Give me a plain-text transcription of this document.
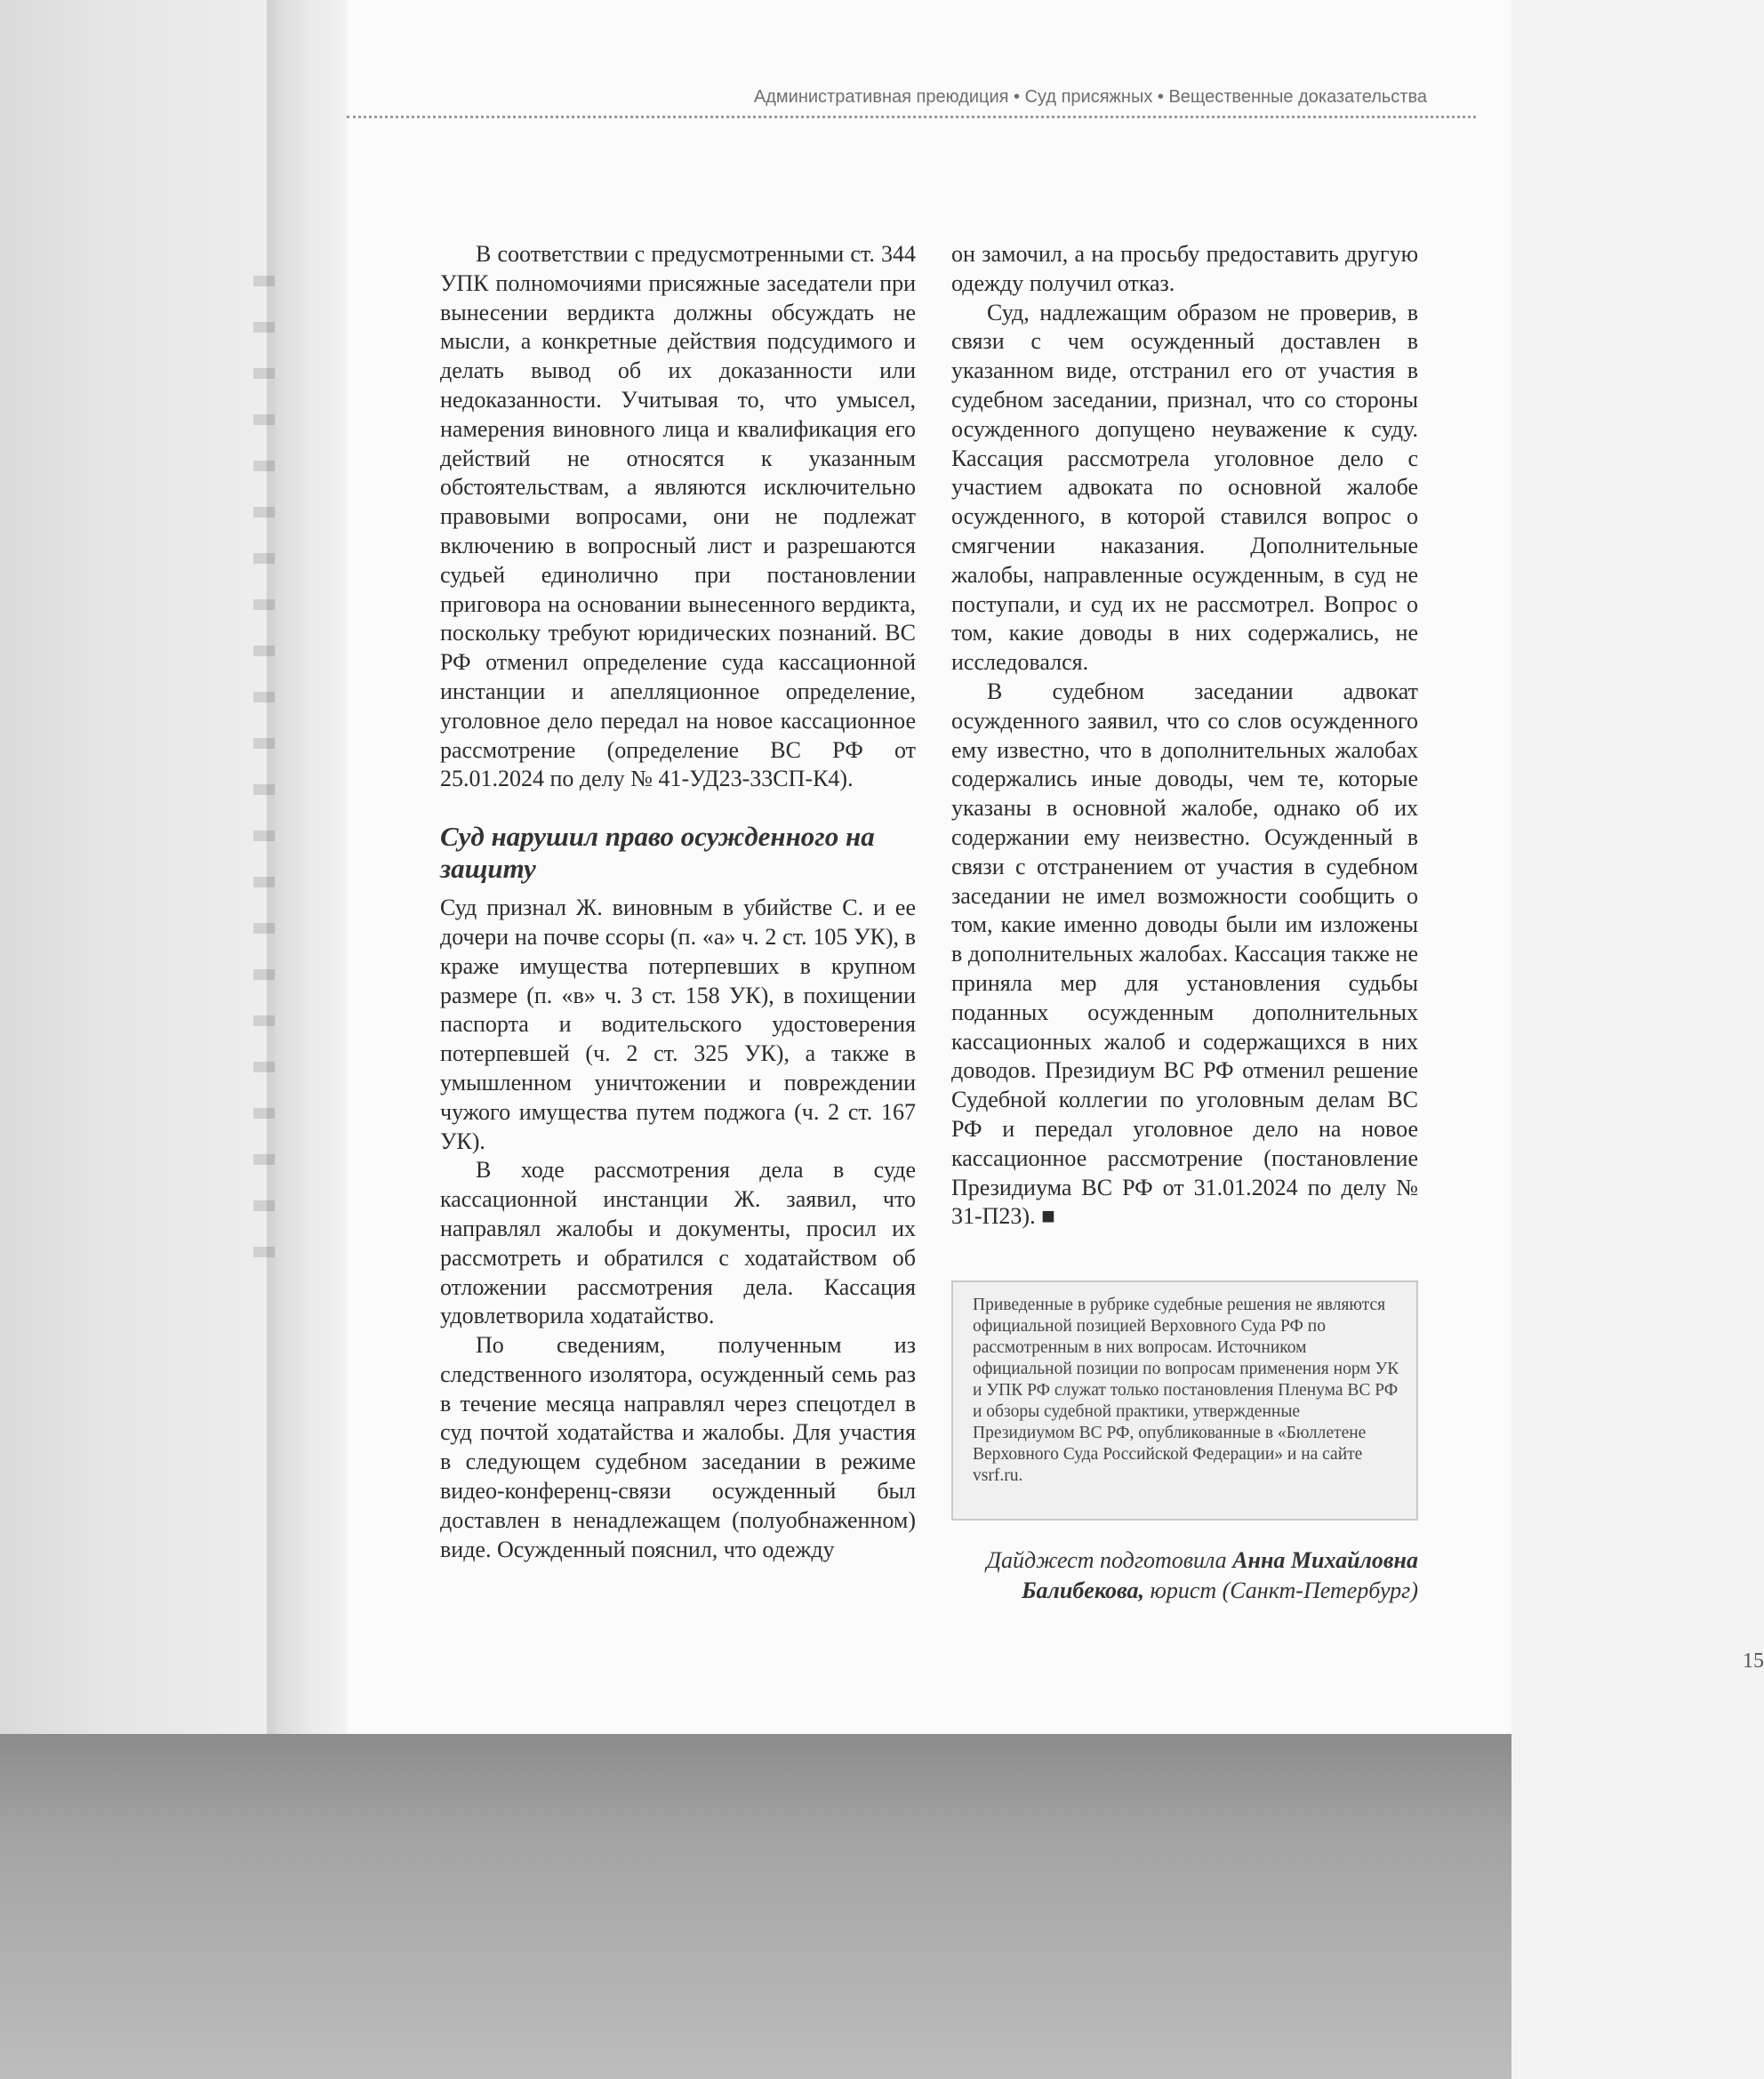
Административная преюдиция • Суд присяжных • Вещественные доказательства

В соответствии с предусмотренными ст. 344 УПК полномочиями присяжные заседатели при вынесении вердикта должны обсуждать не мысли, а конкретные действия подсудимого и делать вывод об их доказанности или недоказанности. Учитывая то, что умысел, намерения виновного лица и квалификация его действий не относятся к указанным обстоятельствам, а являются исключительно правовыми вопросами, они не подлежат включению в вопросный лист и разрешаются судьей единолично при постановлении приговора на основании вынесенного вердикта, поскольку требуют юридических познаний. ВС РФ отменил определение суда кассационной инстанции и апелляционное определение, уголовное дело передал на новое кассационное рассмотрение (определение ВС РФ от 25.01.2024 по делу № 41-УД23-33СП-К4).

Суд нарушил право осужденного на защиту

Суд признал Ж. виновным в убийстве С. и ее дочери на почве ссоры (п. «а» ч. 2 ст. 105 УК), в краже имущества потерпевших в крупном размере (п. «в» ч. 3 ст. 158 УК), в похищении паспорта и водительского удостоверения потерпевшей (ч. 2 ст. 325 УК), а также в умышленном уничтожении и повреждении чужого имущества путем поджога (ч. 2 ст. 167 УК).

В ходе рассмотрения дела в суде кассационной инстанции Ж. заявил, что направлял жалобы и документы, просил их рассмотреть и обратился с ходатайством об отложении рассмотрения дела. Кассация удовлетворила ходатайство.

По сведениям, полученным из следственного изолятора, осужденный семь раз в течение месяца направлял через спецотдел в суд почтой ходатайства и жалобы. Для участия в следующем судебном заседании в режиме видео-конференц-связи осужденный был доставлен в ненадлежащем (полуобнаженном) виде. Осужденный пояснил, что одежду

он замочил, а на просьбу предоставить другую одежду получил отказ.

Суд, надлежащим образом не проверив, в связи с чем осужденный доставлен в указанном виде, отстранил его от участия в судебном заседании, признал, что со стороны осужденного допущено неуважение к суду. Кассация рассмотрела уголовное дело с участием адвоката по основной жалобе осужденного, в которой ставился вопрос о смягчении наказания. Дополнительные жалобы, направленные осужденным, в суд не поступали, и суд их не рассмотрел. Вопрос о том, какие доводы в них содержались, не исследовался.

В судебном заседании адвокат осужденного заявил, что со слов осужденного ему известно, что в дополнительных жалобах содержались иные доводы, чем те, которые указаны в основной жалобе, однако об их содержании ему неизвестно. Осужденный в связи с отстранением от участия в судебном заседании не имел возможности сообщить о том, какие именно доводы были им изложены в дополнительных жалобах. Кассация также не приняла мер для установления судьбы поданных осужденным дополнительных кассационных жалоб и содержащихся в них доводов. Президиум ВС РФ отменил решение Судебной коллегии по уголовным делам ВС РФ и передал уголовное дело на новое кассационное рассмотрение (постановление Президиума ВС РФ от 31.01.2024 по делу № 31-П23). ■

Приведенные в рубрике судебные решения не являются официальной позицией Верховного Суда РФ по рассмотренным в них вопросам. Источником официальной позиции по вопросам применения норм УК и УПК РФ служат только постановления Пленума ВС РФ и обзоры судебной практики, утвержденные Президиумом ВС РФ, опубликованные в «Бюллетене Верховного Суда Российской Федерации» и на сайте vsrf.ru.
Дайджест подготовила Анна Михайловна Балибекова, юрист (Санкт-Петербург)
15
